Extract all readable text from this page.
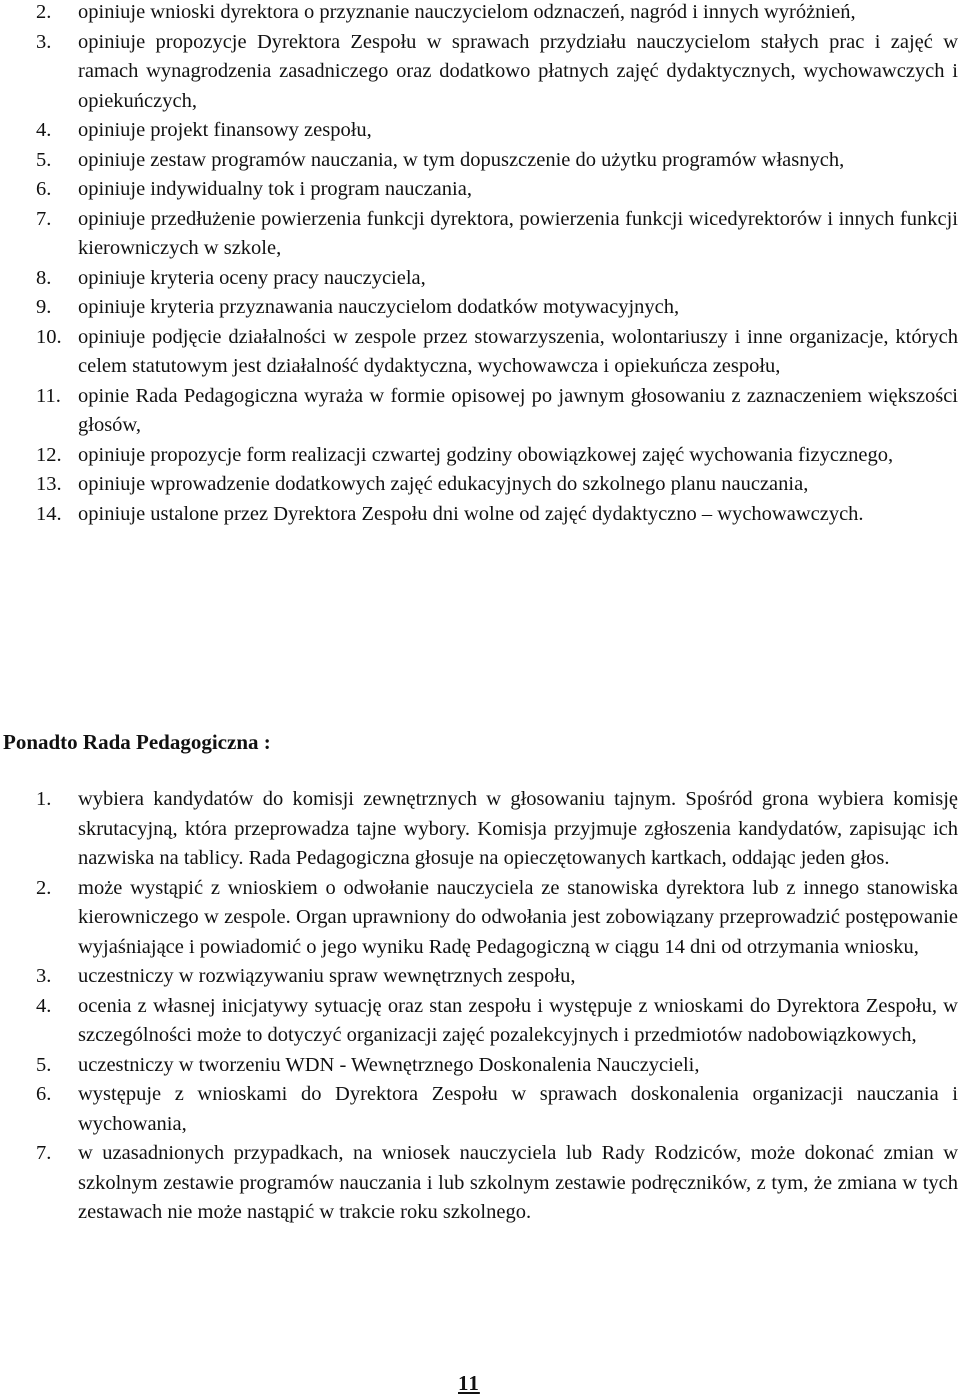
2.	opiniuje wnioski dyrektora o przyznanie nauczycielom odznaczeń, nagród i innych wyróżnień,
3.	opiniuje propozycje Dyrektora Zespołu w sprawach przydziału nauczycielom stałych prac i zajęć w ramach wynagrodzenia zasadniczego oraz dodatkowo płatnych zajęć dydaktycznych, wychowawczych i opiekuńczych,
4.	opiniuje projekt finansowy zespołu,
5.	opiniuje zestaw programów nauczania, w tym dopuszczenie do użytku programów własnych,
6.	opiniuje indywidualny tok i program nauczania,
7.	opiniuje przedłużenie powierzenia funkcji dyrektora, powierzenia funkcji wicedyrektorów i innych funkcji kierowniczych w szkole,
8.	opiniuje kryteria oceny pracy nauczyciela,
9.	opiniuje kryteria przyznawania nauczycielom dodatków motywacyjnych,
10. opiniuje podjęcie działalności w zespole przez stowarzyszenia, wolontariuszy i inne organizacje, których celem statutowym jest działalność dydaktyczna, wychowawcza i opiekuńcza zespołu,
11. opinie Rada Pedagogiczna wyraża w formie opisowej po jawnym głosowaniu z zaznaczeniem większości głosów,
12. opiniuje propozycje form realizacji czwartej godziny obowiązkowej zajęć wychowania fizycznego,
13. opiniuje wprowadzenie dodatkowych zajęć edukacyjnych do szkolnego planu nauczania,
14. opiniuje ustalone przez Dyrektora Zespołu dni wolne od zajęć dydaktyczno – wychowawczych.
Ponadto Rada Pedagogiczna :
1.	wybiera kandydatów do komisji zewnętrznych w głosowaniu tajnym. Spośród grona wybiera komisję skrutacyjną, która przeprowadza tajne wybory. Komisja przyjmuje zgłoszenia kandydatów, zapisując ich nazwiska na tablicy. Rada Pedagogiczna głosuje na opieczętowanych kartkach, oddając jeden głos.
2.	może wystąpić z wnioskiem o odwołanie nauczyciela ze stanowiska dyrektora lub z innego stanowiska kierowniczego w zespole. Organ uprawniony do odwołania jest zobowiązany przeprowadzić postępowanie wyjaśniające i powiadomić o jego wyniku Radę Pedagogiczną w ciągu 14 dni od otrzymania wniosku,
3.	uczestniczy w rozwiązywaniu spraw wewnętrznych zespołu,
4.	ocenia z własnej inicjatywy sytuację oraz stan zespołu i występuje z wnioskami do Dyrektora Zespołu, w szczególności może to dotyczyć organizacji zajęć pozalekcyjnych i przedmiotów nadobowiązkowych,
5.	uczestniczy w tworzeniu WDN - Wewnętrznego Doskonalenia Nauczycieli,
6.	występuje z wnioskami do Dyrektora Zespołu w sprawach doskonalenia organizacji nauczania i wychowania,
7.	w uzasadnionych przypadkach, na wniosek nauczyciela lub Rady Rodziców, może dokonać zmian w szkolnym zestawie programów nauczania i lub szkolnym zestawie podręczników, z tym, że zmiana w tych zestawach nie może nastąpić w trakcie roku szkolnego.
11
